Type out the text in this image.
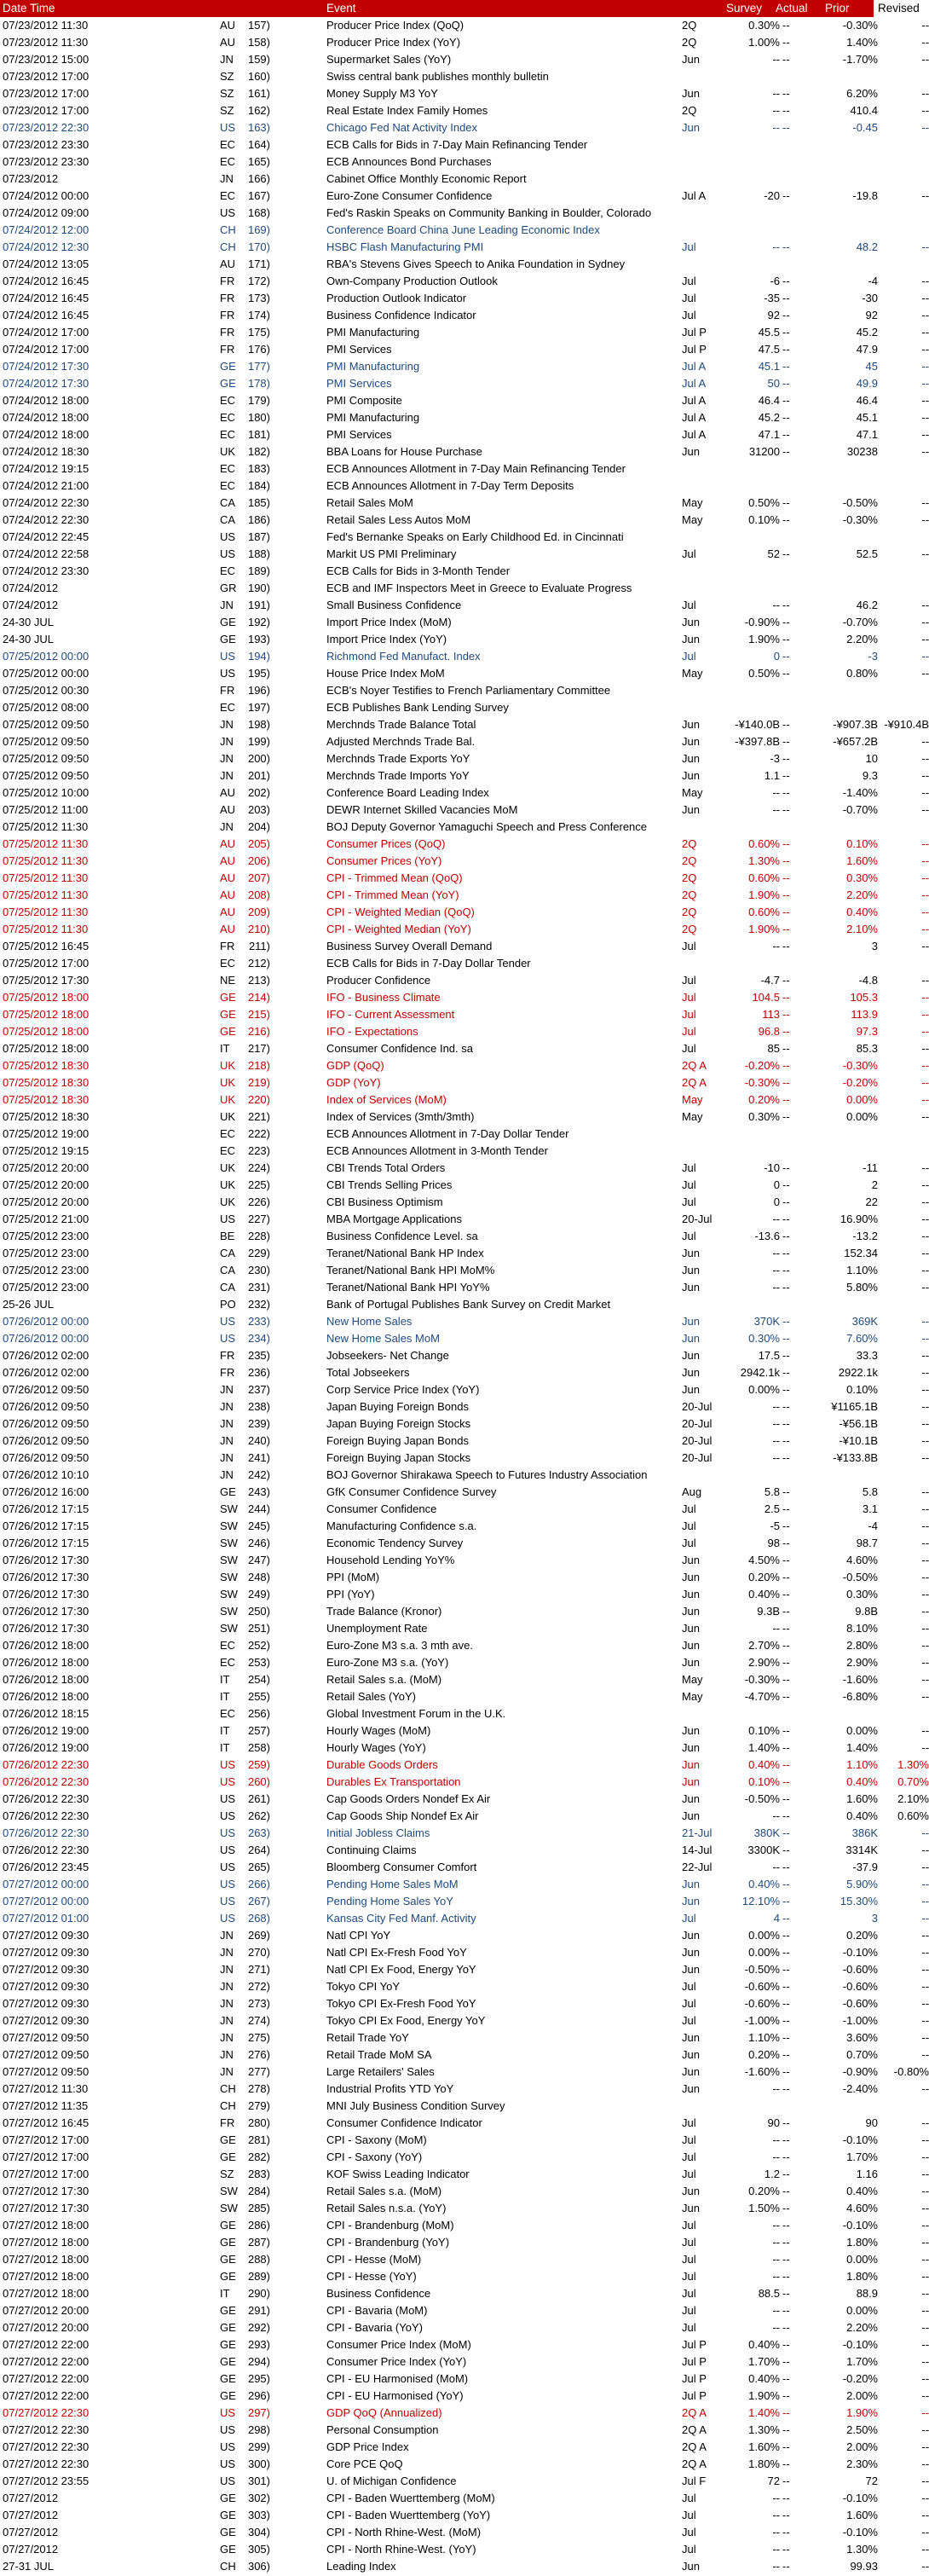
Date Time	Event	Survey Actual Prior Revised
07/23/2012 11:30	AU	157)	Producer Price Index (QoQ)	2Q	0.30% --	-0.30%	--
07/23/2012 11:30	AU	158)	Producer Price Index (YoY)	2Q	1.00% --	1.40%	--
07/23/2012 15:00	JN	159)	Supermarket Sales (YoY)	Jun	-- --	-1.70%	--
07/23/2012 17:00	SZ	160)	Swiss central bank publishes monthly bulletin
07/23/2012 17:00	SZ	161)	Money Supply M3 YoY	Jun	-- --	6.20%	--
07/23/2012 17:00	SZ	162)	Real Estate Index Family Homes	2Q	-- --	410.4	--
07/23/2012 22:30	US	163)	Chicago Fed Nat Activity Index	Jun	-- --	-0.45	--
07/23/2012 23:30	EC	164)	ECB Calls for Bids in 7-Day Main Refinancing Tender
07/23/2012 23:30	EC	165)	ECB Announces Bond Purchases
07/23/2012	JN	166)	Cabinet Office Monthly Economic Report
07/24/2012 00:00	EC	167)	Euro-Zone Consumer Confidence	Jul A	-20 --	-19.8	--
07/24/2012 09:00	US	168)	Fed's Raskin Speaks on Community Banking in Boulder, Colorado
07/24/2012 12:00	CH	169)	Conference Board China June Leading Economic Index
07/24/2012 12:30	CH	170)	HSBC Flash Manufacturing PMI	Jul	-- --	48.2	--
07/24/2012 13:05	AU	171)	RBA's Stevens Gives Speech to Anika Foundation in Sydney
07/24/2012 16:45	FR	172)	Own-Company Production Outlook	Jul	-6 --	-4	--
07/24/2012 16:45	FR	173)	Production Outlook Indicator	Jul	-35 --	-30	--
07/24/2012 16:45	FR	174)	Business Confidence Indicator	Jul	92 --	92	--
07/24/2012 17:00	FR	175)	PMI Manufacturing	Jul P	45.5 --	45.2	--
07/24/2012 17:00	FR	176)	PMI Services	Jul P	47.5 --	47.9	--
07/24/2012 17:30	GE	177)	PMI Manufacturing	Jul A	45.1 --	45	--
07/24/2012 17:30	GE	178)	PMI Services	Jul A	50 --	49.9	--
07/24/2012 18:00	EC	179)	PMI Composite	Jul A	46.4 --	46.4	--
07/24/2012 18:00	EC	180)	PMI Manufacturing	Jul A	45.2 --	45.1	--
07/24/2012 18:00	EC	181)	PMI Services	Jul A	47.1 --	47.1	--
07/24/2012 18:30	UK	182)	BBA Loans for House Purchase	Jun	31200 --	30238	--
07/24/2012 19:15	EC	183)	ECB Announces Allotment in 7-Day Main Refinancing Tender
07/24/2012 21:00	EC	184)	ECB Announces Allotment in 7-Day Term Deposits
07/24/2012 22:30	CA	185)	Retail Sales MoM	May	0.50% --	-0.50%	--
07/24/2012 22:30	CA	186)	Retail Sales Less Autos MoM	May	0.10% --	-0.30%	--
07/24/2012 22:45	US	187)	Fed's Bernanke Speaks on Early Childhood Ed. in Cincinnati
07/24/2012 22:58	US	188)	Markit US PMI Preliminary	Jul	52 --	52.5	--
07/24/2012 23:30	EC	189)	ECB Calls for Bids in 3-Month Tender
07/24/2012	GR	190)	ECB and IMF Inspectors Meet in Greece to Evaluate Progress
07/24/2012	JN	191)	Small Business Confidence	Jul	-- --	46.2	--
24-30 JUL	GE	192)	Import Price Index (MoM)	Jun	-0.90% --	-0.70%	--
24-30 JUL	GE	193)	Import Price Index (YoY)	Jun	1.90% --	2.20%	--
07/25/2012 00:00	US	194)	Richmond Fed Manufact. Index	Jul	0 --	-3	--
07/25/2012 00:00	US	195)	House Price Index MoM	May	0.50% --	0.80%	--
07/25/2012 00:30	FR	196)	ECB's Noyer Testifies to French Parliamentary Committee
07/25/2012 08:00	EC	197)	ECB Publishes Bank Lending Survey
07/25/2012 09:50	JN	198)	Merchnds Trade Balance Total	Jun	-¥140.0B --	-¥907.3B -¥910.4B
07/25/2012 09:50	JN	199)	Adjusted Merchnds Trade Bal.	Jun	-¥397.8B --	-¥657.2B	--
07/25/2012 09:50	JN	200)	Merchnds Trade Exports YoY	Jun	-3 --	10	--
07/25/2012 09:50	JN	201)	Merchnds Trade Imports YoY	Jun	1.1 --	9.3	--
07/25/2012 10:00	AU	202)	Conference Board Leading Index	May	-- --	-1.40%	--
07/25/2012 11:00	AU	203)	DEWR Internet Skilled Vacancies MoM	Jun	-- --	-0.70%	--
07/25/2012 11:30	JN	204)	BOJ Deputy Governor Yamaguchi Speech and Press Conference
07/25/2012 11:30	AU	205)	Consumer Prices (QoQ)	2Q	0.60% --	0.10%	--
07/25/2012 11:30	AU	206)	Consumer Prices (YoY)	2Q	1.30% --	1.60%	--
07/25/2012 11:30	AU	207)	CPI - Trimmed Mean (QoQ)	2Q	0.60% --	0.30%	--
07/25/2012 11:30	AU	208)	CPI - Trimmed Mean (YoY)	2Q	1.90% --	2.20%	--
07/25/2012 11:30	AU	209)	CPI - Weighted Median (QoQ)	2Q	0.60% --	0.40%	--
07/25/2012 11:30	AU	210)	CPI - Weighted Median (YoY)	2Q	1.90% --	2.10%	--
07/25/2012 16:45	FR	211)	Business Survey Overall Demand	Jul	-- --	3	--
07/25/2012 17:00	EC	212)	ECB Calls for Bids in 7-Day Dollar Tender
07/25/2012 17:30	NE	213)	Producer Confidence	Jul	-4.7 --	-4.8	--
07/25/2012 18:00	GE	214)	IFO - Business Climate	Jul	104.5 --	105.3	--
07/25/2012 18:00	GE	215)	IFO - Current Assessment	Jul	113 --	113.9	--
07/25/2012 18:00	GE	216)	IFO - Expectations	Jul	96.8 --	97.3	--
07/25/2012 18:00	IT	217)	Consumer Confidence Ind. sa	Jul	85 --	85.3	--
07/25/2012 18:30	UK	218)	GDP (QoQ)	2Q A	-0.20% --	-0.30%	--
07/25/2012 18:30	UK	219)	GDP (YoY)	2Q A	-0.30% --	-0.20%	--
07/25/2012 18:30	UK	220)	Index of Services (MoM)	May	0.20% --	0.00%	--
07/25/2012 18:30	UK	221)	Index of Services (3mth/3mth)	May	0.30% --	0.00%	--
07/25/2012 19:00	EC	222)	ECB Announces Allotment in 7-Day Dollar Tender
07/25/2012 19:15	EC	223)	ECB Announces Allotment in 3-Month Tender
07/25/2012 20:00	UK	224)	CBI Trends Total Orders	Jul	-10 --	-11	--
07/25/2012 20:00	UK	225)	CBI Trends Selling Prices	Jul	0 --	2	--
07/25/2012 20:00	UK	226)	CBI Business Optimism	Jul	0 --	22	--
07/25/2012 21:00	US	227)	MBA Mortgage Applications	20-Jul	-- --	16.90%	--
07/25/2012 23:00	BE	228)	Business Confidence Level. sa	Jul	-13.6 --	-13.2	--
07/25/2012 23:00	CA	229)	Teranet/National Bank HP Index	Jun	-- --	152.34	--
07/25/2012 23:00	CA	230)	Teranet/National Bank HPI MoM%	Jun	-- --	1.10%	--
07/25/2012 23:00	CA	231)	Teranet/National Bank HPI YoY%	Jun	-- --	5.80%	--
25-26 JUL	PO	232)	Bank of Portugal Publishes Bank Survey on Credit Market
07/26/2012 00:00	US	233)	New Home Sales	Jun	370K --	369K	--
07/26/2012 00:00	US	234)	New Home Sales MoM	Jun	0.30% --	7.60%	--
07/26/2012 02:00	FR	235)	Jobseekers- Net Change	Jun	17.5 --	33.3	--
07/26/2012 02:00	FR	236)	Total Jobseekers	Jun	2942.1k --	2922.1k	--
07/26/2012 09:50	JN	237)	Corp Service Price Index (YoY)	Jun	0.00% --	0.10%	--
07/26/2012 09:50	JN	238)	Japan Buying Foreign Bonds	20-Jul	-- --	¥1165.1B	--
07/26/2012 09:50	JN	239)	Japan Buying Foreign Stocks	20-Jul	-- --	-¥56.1B	--
07/26/2012 09:50	JN	240)	Foreign Buying Japan Bonds	20-Jul	-- --	-¥10.1B	--
07/26/2012 09:50	JN	241)	Foreign Buying Japan Stocks	20-Jul	-- --	-¥133.8B	--
07/26/2012 10:10	JN	242)	BOJ Governor Shirakawa Speech to Futures Industry Association
07/26/2012 16:00	GE	243)	GfK Consumer Confidence Survey	Aug	5.8 --	5.8	--
07/26/2012 17:15	SW 244)	Consumer Confidence	Jul	2.5 --	3.1	--
07/26/2012 17:15	SW 245)	Manufacturing Confidence s.a.	Jul	-5 --	-4	--
07/26/2012 17:15	SW 246)	Economic Tendency Survey	Jul	98 --	98.7	--
07/26/2012 17:30	SW 247)	Household Lending YoY%	Jun	4.50% --	4.60%	--
07/26/2012 17:30	SW 248)	PPI (MoM)	Jun	0.20% --	-0.50%	--
07/26/2012 17:30	SW 249)	PPI (YoY)	Jun	0.40% --	0.30%	--
07/26/2012 17:30	SW 250)	Trade Balance (Kronor)	Jun	9.3B --	9.8B	--
07/26/2012 17:30	SW 251)	Unemployment Rate	Jun	-- --	8.10%	--
07/26/2012 18:00	EC	252)	Euro-Zone M3 s.a. 3 mth ave.	Jun	2.70% --	2.80%	--
07/26/2012 18:00	EC	253)	Euro-Zone M3 s.a. (YoY)	Jun	2.90% --	2.90%	--
07/26/2012 18:00	IT	254)	Retail Sales s.a. (MoM)	May	-0.30% --	-1.60%	--
07/26/2012 18:00	IT	255)	Retail Sales (YoY)	May	-4.70% --	-6.80%	--
07/26/2012 18:15	EC	256)	Global Investment Forum in the U.K.
07/26/2012 19:00	IT	257)	Hourly Wages (MoM)	Jun	0.10% --	0.00%	--
07/26/2012 19:00	IT	258)	Hourly Wages (YoY)	Jun	1.40% --	1.40%	--
07/26/2012 22:30	US	259)	Durable Goods Orders	Jun	0.40% --	1.10%	1.30%
07/26/2012 22:30	US	260)	Durables Ex Transportation	Jun	0.10% --	0.40%	0.70%
07/26/2012 22:30	US	261)	Cap Goods Orders Nondef Ex Air	Jun	-0.50% --	1.60%	2.10%
07/26/2012 22:30	US	262)	Cap Goods Ship Nondef Ex Air	Jun	-- --	0.40%	0.60%
07/26/2012 22:30	US	263)	Initial Jobless Claims	21-Jul	380K --	386K	--
07/26/2012 22:30	US	264)	Continuing Claims	14-Jul	3300K --	3314K	--
07/26/2012 23:45	US	265)	Bloomberg Consumer Comfort	22-Jul	-- --	-37.9	--
07/27/2012 00:00	US	266)	Pending Home Sales MoM	Jun	0.40% --	5.90%	--
07/27/2012 00:00	US	267)	Pending Home Sales YoY	Jun	12.10% --	15.30%	--
07/27/2012 01:00	US	268)	Kansas City Fed Manf. Activity	Jul	4 --	3	--
07/27/2012 09:30	JN	269)	Natl CPI YoY	Jun	0.00% --	0.20%	--
07/27/2012 09:30	JN	270)	Natl CPI Ex-Fresh Food YoY	Jun	0.00% --	-0.10%	--
07/27/2012 09:30	JN	271)	Natl CPI Ex Food, Energy YoY	Jun	-0.50% --	-0.60%	--
07/27/2012 09:30	JN	272)	Tokyo CPI YoY	Jul	-0.60% --	-0.60%	--
07/27/2012 09:30	JN	273)	Tokyo CPI Ex-Fresh Food YoY	Jul	-0.60% --	-0.60%	--
07/27/2012 09:30	JN	274)	Tokyo CPI Ex Food, Energy YoY	Jul	-1.00% --	-1.00%	--
07/27/2012 09:50	JN	275)	Retail Trade YoY	Jun	1.10% --	3.60%	--
07/27/2012 09:50	JN	276)	Retail Trade MoM SA	Jun	0.20% --	0.70%	--
07/27/2012 09:50	JN	277)	Large Retailers' Sales	Jun	-1.60% --	-0.90%	-0.80%
07/27/2012 11:30	CH	278)	Industrial Profits YTD YoY	Jun	-- --	-2.40%	--
07/27/2012 11:35	CH	279)	MNI July Business Condition Survey
07/27/2012 16:45	FR	280)	Consumer Confidence Indicator	Jul	90 --	90	--
07/27/2012 17:00	GE	281)	CPI - Saxony (MoM)	Jul	-- --	-0.10%	--
07/27/2012 17:00	GE	282)	CPI - Saxony (YoY)	Jul	-- --	1.70%	--
07/27/2012 17:00	SZ	283)	KOF Swiss Leading Indicator	Jul	1.2 --	1.16	--
07/27/2012 17:30	SW 284)	Retail Sales s.a. (MoM)	Jun	0.20% --	0.40%	--
07/27/2012 17:30	SW 285)	Retail Sales n.s.a. (YoY)	Jun	1.50% --	4.60%	--
07/27/2012 18:00	GE	286)	CPI - Brandenburg (MoM)	Jul	-- --	-0.10%	--
07/27/2012 18:00	GE	287)	CPI - Brandenburg (YoY)	Jul	-- --	1.80%	--
07/27/2012 18:00	GE	288)	CPI - Hesse (MoM)	Jul	-- --	0.00%	--
07/27/2012 18:00	GE	289)	CPI - Hesse (YoY)	Jul	-- --	1.80%	--
07/27/2012 18:00	IT	290)	Business Confidence	Jul	88.5 --	88.9	--
07/27/2012 20:00	GE	291)	CPI - Bavaria (MoM)	Jul	-- --	0.00%	--
07/27/2012 20:00	GE	292)	CPI - Bavaria (YoY)	Jul	-- --	2.20%	--
07/27/2012 22:00	GE	293)	Consumer Price Index (MoM)	Jul P	0.40% --	-0.10%	--
07/27/2012 22:00	GE	294)	Consumer Price Index (YoY)	Jul P	1.70% --	1.70%	--
07/27/2012 22:00	GE	295)	CPI - EU Harmonised (MoM)	Jul P	0.40% --	-0.20%	--
07/27/2012 22:00	GE	296)	CPI - EU Harmonised (YoY)	Jul P	1.90% --	2.00%	--
07/27/2012 22:30	US	297)	GDP QoQ (Annualized)	2Q A	1.40% --	1.90%	--
07/27/2012 22:30	US	298)	Personal Consumption	2Q A	1.30% --	2.50%	--
07/27/2012 22:30	US	299)	GDP Price Index	2Q A	1.60% --	2.00%	--
07/27/2012 22:30	US	300)	Core PCE QoQ	2Q A	1.80% --	2.30%	--
07/27/2012 23:55	US	301)	U. of Michigan Confidence	Jul F	72 --	72	--
07/27/2012	GE	302)	CPI - Baden Wuerttemberg (MoM)	Jul	-- --	-0.10%	--
07/27/2012	GE	303)	CPI - Baden Wuerttemberg (YoY)	Jul	-- --	1.60%	--
07/27/2012	GE	304)	CPI - North Rhine-West. (MoM)	Jul	-- --	-0.10%	--
07/27/2012	GE	305)	CPI - North Rhine-West. (YoY)	Jul	-- --	1.30%	--
27-31 JUL	CH	306)	Leading Index	Jun	-- --	99.93	--
